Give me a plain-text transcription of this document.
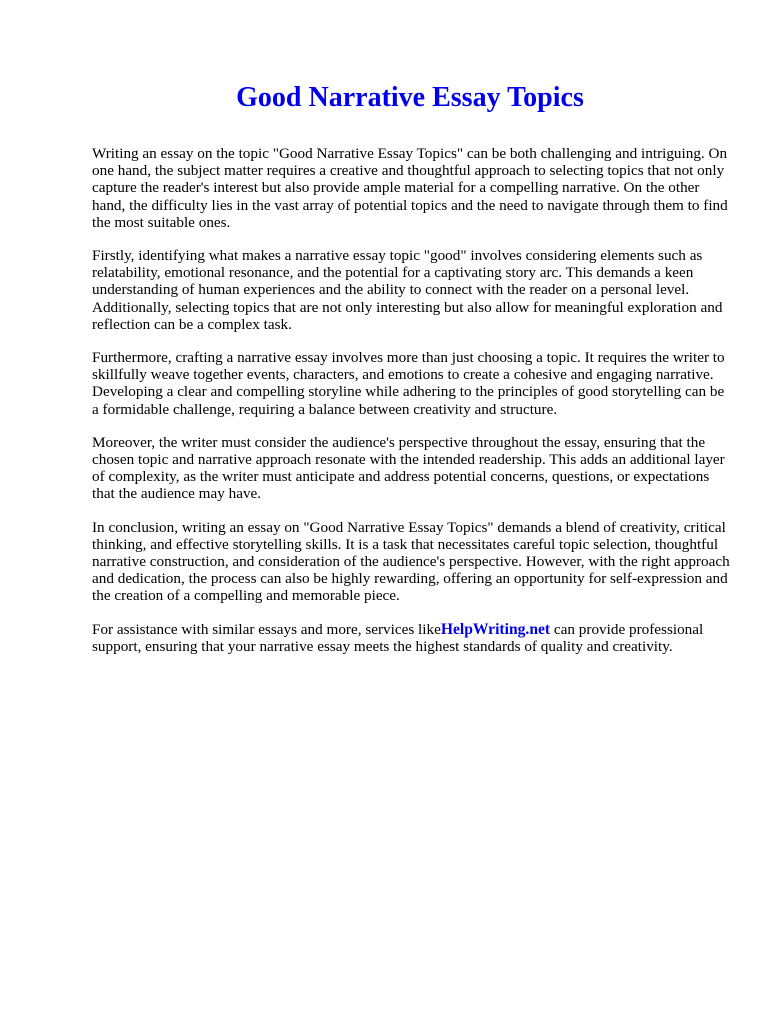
Good Narrative Essay Topics

Writing an essay on the topic "Good Narrative Essay Topics" can be both challenging and intriguing. On one hand, the subject matter requires a creative and thoughtful approach to selecting topics that not only capture the reader's interest but also provide ample material for a compelling narrative. On the other hand, the difficulty lies in the vast array of potential topics and the need to navigate through them to find the most suitable ones.

Firstly, identifying what makes a narrative essay topic "good" involves considering elements such as relatability, emotional resonance, and the potential for a captivating story arc. This demands a keen understanding of human experiences and the ability to connect with the reader on a personal level. Additionally, selecting topics that are not only interesting but also allow for meaningful exploration and reflection can be a complex task.

Furthermore, crafting a narrative essay involves more than just choosing a topic. It requires the writer to skillfully weave together events, characters, and emotions to create a cohesive and engaging narrative. Developing a clear and compelling storyline while adhering to the principles of good storytelling can be a formidable challenge, requiring a balance between creativity and structure.

Moreover, the writer must consider the audience's perspective throughout the essay, ensuring that the chosen topic and narrative approach resonate with the intended readership. This adds an additional layer of complexity, as the writer must anticipate and address potential concerns, questions, or expectations that the audience may have.

In conclusion, writing an essay on "Good Narrative Essay Topics" demands a blend of creativity, critical thinking, and effective storytelling skills. It is a task that necessitates careful topic selection, thoughtful narrative construction, and consideration of the audience's perspective. However, with the right approach and dedication, the process can also be highly rewarding, offering an opportunity for self-expression and the creation of a compelling and memorable piece.

For assistance with similar essays and more, services likeHelpWriting.net can provide professional support, ensuring that your narrative essay meets the highest standards of quality and creativity.
